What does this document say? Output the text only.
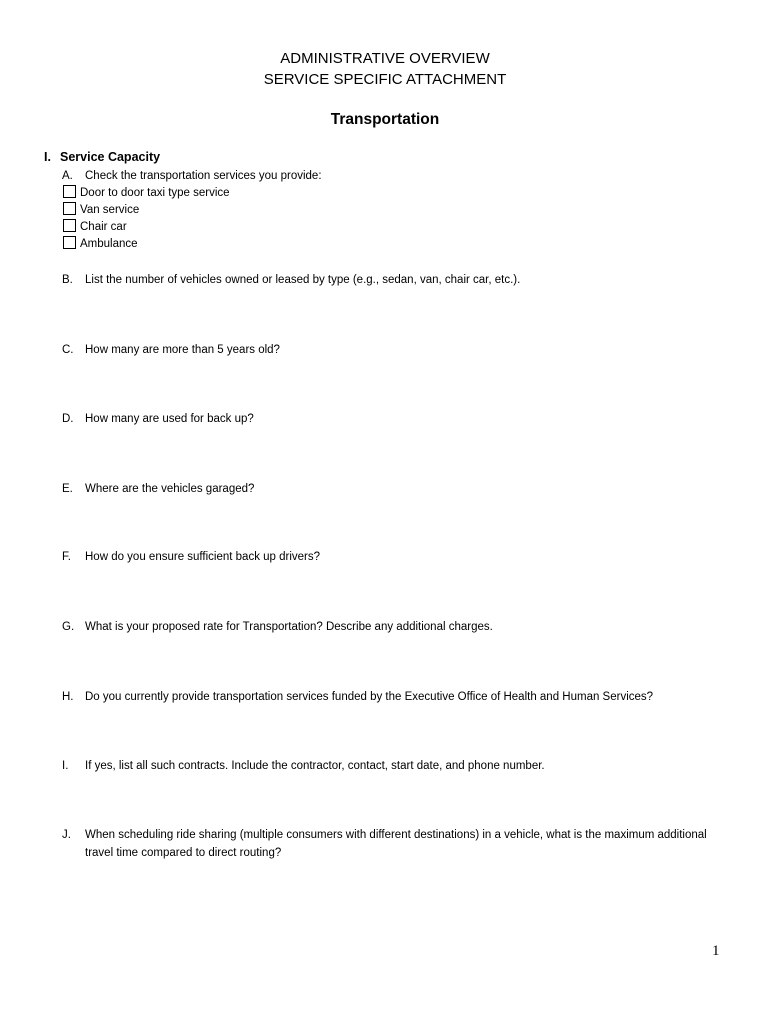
ADMINISTRATIVE OVERVIEW
SERVICE SPECIFIC ATTACHMENT
Transportation
I. Service Capacity
A. Check the transportation services you provide:
Door to door taxi type service
Van service
Chair car
Ambulance
B. List the number of vehicles owned or leased by type (e.g., sedan, van, chair car, etc.).
C. How many are more than 5 years old?
D. How many are used for back up?
E. Where are the vehicles garaged?
F. How do you ensure sufficient back up drivers?
G. What is your proposed rate for Transportation? Describe any additional charges.
H. Do you currently provide transportation services funded by the Executive Office of Health and Human Services?
I. If yes, list all such contracts. Include the contractor, contact, start date, and phone number.
J. When scheduling ride sharing (multiple consumers with different destinations) in a vehicle, what is the maximum additional travel time compared to direct routing?
1
